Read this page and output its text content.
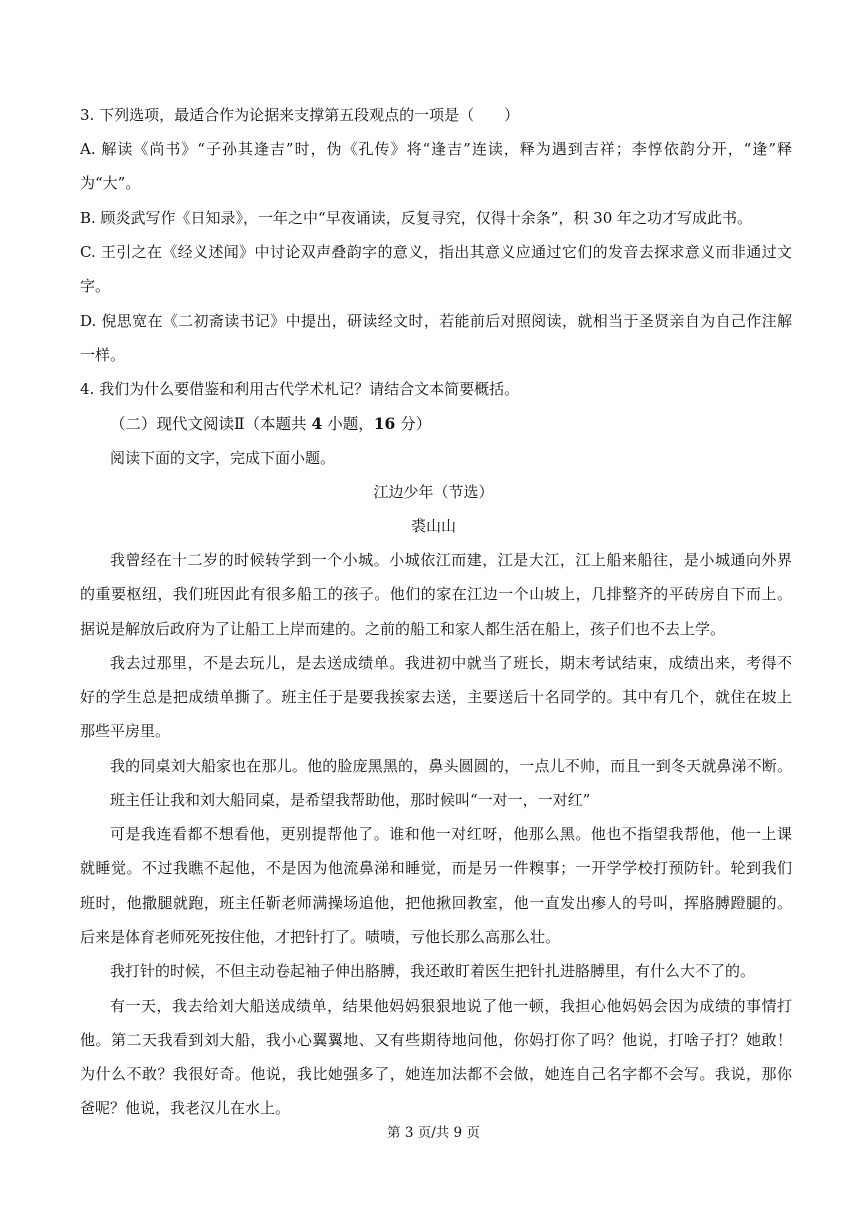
3. 下列选项，最适合作为论据来支撑第五段观点的一项是（　　）
A. 解读《尚书》“子孙其逢吉”时，伪《孔传》将“逢吉”连读，释为遇到吉祥；李惇依韵分开，“逢”释
为“大”。
B. 顾炎武写作《日知录》，一年之中“早夜诵读，反复寻究，仅得十余条”，积 30 年之功才写成此书。
C. 王引之在《经义述闻》中讨论双声叠韵字的意义，指出其意义应通过它们的发音去探求意义而非通过文
字。
D. 倪思宽在《二初斋读书记》中提出，研读经文时，若能前后对照阅读，就相当于圣贤亲自为自己作注解
一样。
4. 我们为什么要借鉴和利用古代学术札记？请结合文本简要概括。
（二）现代文阅读Ⅱ（本题共 4 小题，16 分）
阅读下面的文字，完成下面小题。
江边少年（节选）
裘山山
我曾经在十二岁的时候转学到一个小城。小城依江而建，江是大江，江上船来船往，是小城通向外界
的重要枢纽，我们班因此有很多船工的孩子。他们的家在江边一个山坡上，几排整齐的平砖房自下而上。
据说是解放后政府为了让船工上岸而建的。之前的船工和家人都生活在船上，孩子们也不去上学。
我去过那里，不是去玩儿，是去送成绩单。我进初中就当了班长，期末考试结束，成绩出来，考得不
好的学生总是把成绩单撕了。班主任于是要我挨家去送，主要送后十名同学的。其中有几个，就住在坡上
那些平房里。
我的同桌刘大船家也在那儿。他的脸庞黑黑的，鼻头圆圆的，一点儿不帅，而且一到冬天就鼻涕不断。
班主任让我和刘大船同桌，是希望我帮助他，那时候叫“一对一，一对红”
可是我连看都不想看他，更别提帮他了。谁和他一对红呀，他那么黑。他也不指望我帮他，他一上课
就睡觉。不过我瞧不起他，不是因为他流鼻涕和睡觉，而是另一件糗事；一开学学校打预防针。轮到我们
班时，他撒腿就跑，班主任靳老师满操场追他，把他揪回教室，他一直发出瘆人的号叫，挥胳膊蹬腿的。
后来是体育老师死死按住他，才把针打了。啧啧，亏他长那么高那么壮。
我打针的时候，不但主动卷起袖子伸出胳膊，我还敢盯着医生把针扎进胳膊里，有什么大不了的。
有一天，我去给刘大船送成绩单，结果他妈妈狠狠地说了他一顿，我担心他妈妈会因为成绩的事情打
他。第二天我看到刘大船，我小心翼翼地、又有些期待地问他，你妈打你了吗？他说，打啥子打？她敢！
为什么不敢？我很好奇。他说，我比她强多了，她连加法都不会做，她连自己名字都不会写。我说，那你
爸呢？他说，我老汉儿在水上。
第 3 页/共 9 页
